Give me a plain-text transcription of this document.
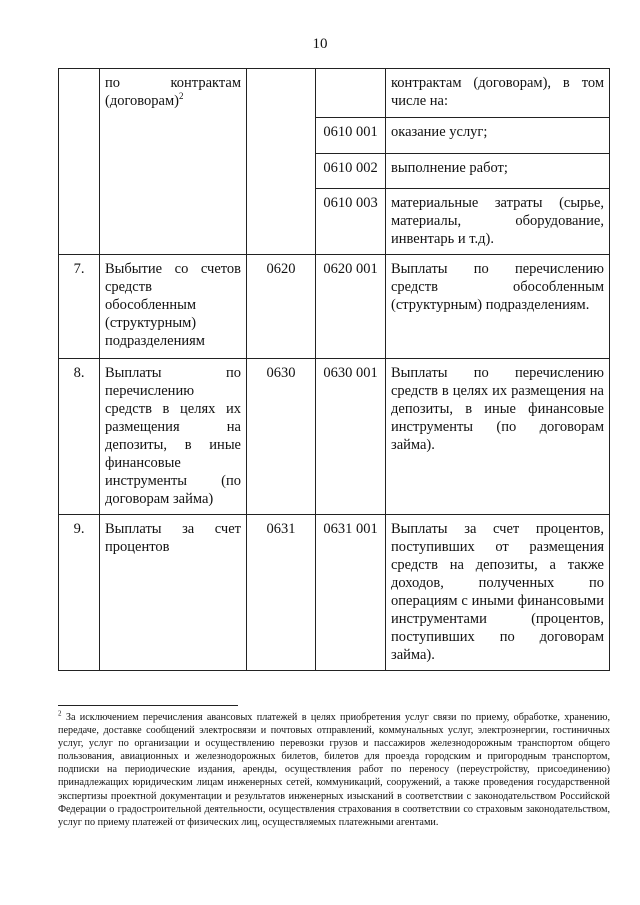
10

	по контрактам (договорам)$^2$			контрактам (договорам), в том числе на:

			0610 001	оказание услуг;
			0610 002	выполнение работ;
			0610 003	материальные затраты (сырье, материалы, оборудование, инвентарь и т.д).

7.	Выбытие со счетов средств обособленным (структурным) подразделениям	0620	0620 001	Выплаты по перечислению средств обособленным (структурным) подразделениям.

8.	Выплаты по перечислению средств в целях их размещения на депозиты, в иные финансовые инструменты (по договорам займа)	0630	0630 001	Выплаты по перечислению средств в целях их размещения на депозиты, в иные финансовые инструменты (по договорам займа).

9.	Выплаты за счет процентов	0631	0631 001	Выплаты за счет процентов, поступивших от размещения средств на депозиты, а также доходов, полученных по операциям с иными финансовыми инструментами (процентов, поступивших по договорам займа).
$^2$ За исключением перечисления авансовых платежей в целях приобретения услуг связи по приему, обработке, хранению, передаче, доставке сообщений электросвязи и почтовых отправлений, коммунальных услуг, электроэнергии, гостиничных услуг, услуг по организации и осуществлению перевозки грузов и пассажиров железнодорожным транспортом общего пользования, авиационных и железнодорожных билетов, билетов для проезда городским и пригородным транспортом, подписки на периодические издания, аренды, осуществления работ по переносу (переустройству, присоединению) принадлежащих юридическим лицам инженерных сетей, коммуникаций, сооружений, а также проведения государственной экспертизы проектной документации и результатов инженерных изысканий в соответствии с законодательством Российской Федерации о градостроительной деятельности, осуществления страхования в соответствии со страховым законодательством, услуг по приему платежей от физических лиц, осуществляемых платежными агентами.
